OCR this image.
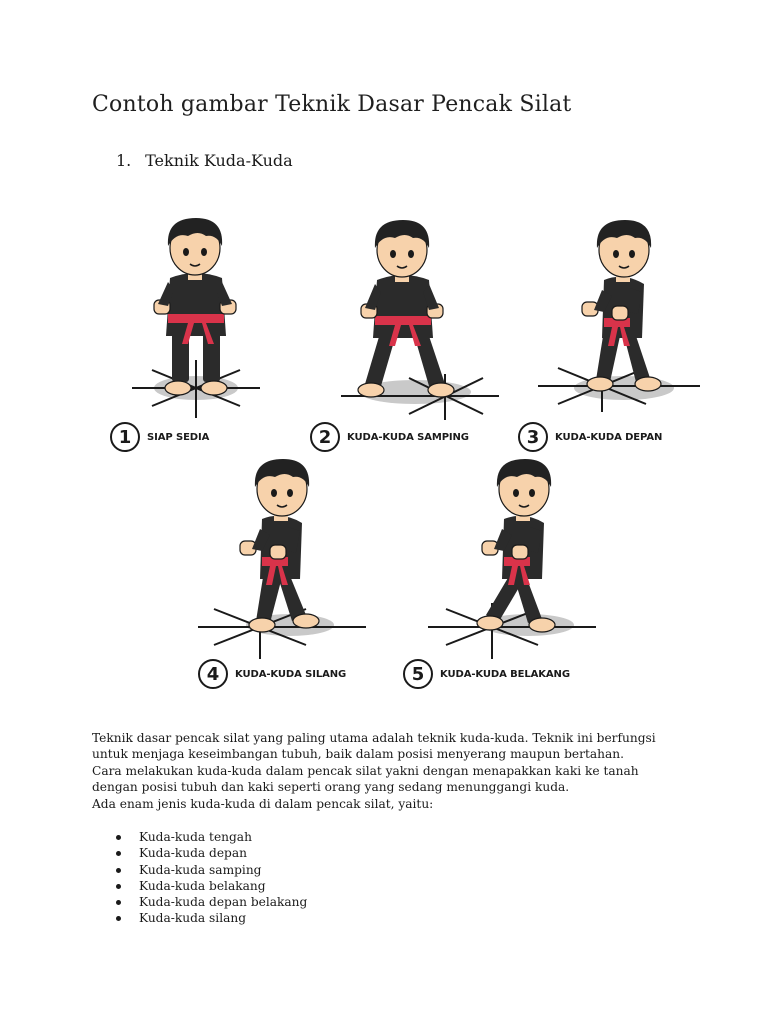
Contoh gambar Teknik Dasar Pencak Silat
1. Teknik Kuda-Kuda
1	SIAP SEDIA	2	KUDA-KUDA SAMPING	3	KUDA-KUDA DEPAN
4	KUDA-KUDA SILANG	5	KUDA-KUDA BELAKANG
Teknik dasar pencak silat yang paling utama adalah teknik kuda-kuda. Teknik ini berfungsi
untuk menjaga keseimbangan tubuh, baik dalam posisi menyerang maupun bertahan.
Cara melakukan kuda-kuda dalam pencak silat yakni dengan menapakkan kaki ke tanah
dengan posisi tubuh dan kaki seperti orang yang sedang menunggangi kuda.
Ada enam jenis kuda-kuda di dalam pencak silat, yaitu:
Kuda-kuda tengah
Kuda-kuda depan
Kuda-kuda samping
Kuda-kuda belakang
Kuda-kuda depan belakang
Kuda-kuda silang
